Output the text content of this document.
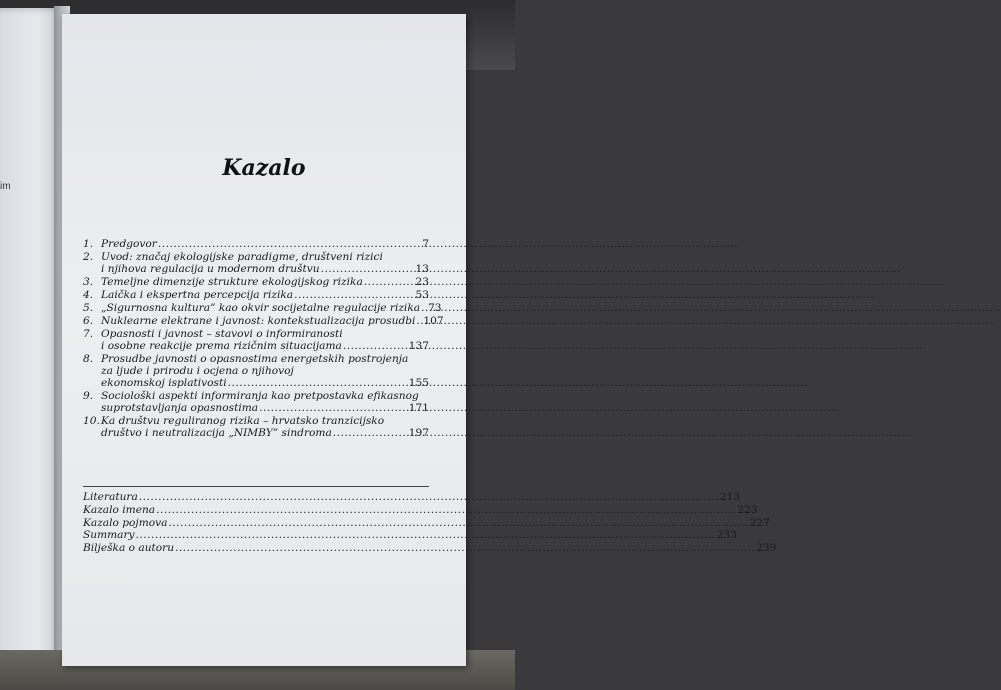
im
Kazalo
1. Predgovor .....	7
2. Uvod: značaj ekologijske paradigme, društveni rizici
i njihova regulacija u modernom društvu .....	13
3. Temeljne dimenzije strukture ekologijskog rizika .....	23
4. Laička i ekspertna percepcija rizika .....	53
5. „Sigurnosna kultura” kao okvir socijetalne regulacije rizika ..... 73
6. Nuklearne elektrane i javnost: kontekstualizacija prosudbi ..... 107
7. Opasnosti i javnost – stavovi o informiranosti
i osobne reakcije prema rizičnim situacijama .....	137
8. Prosudbe javnosti o opasnostima energetskih postrojenja
za ljude i prirodu i ocjena o njihovoj
ekonomskoj isplativosti .....	155
9. Sociološki aspekti informiranja kao pretpostavka efikasnog
suprotstavljanja opasnostima .....	171
10. Ka društvu reguliranog rizika – hrvatsko tranzicijsko
društvo i neutralizacija „NIMBY” sindroma .....	197
Literatura .....	213
Kazalo imena .....	223
Kazalo pojmova .....	227
Summary .....	233
Bilješka o autoru .....	239
